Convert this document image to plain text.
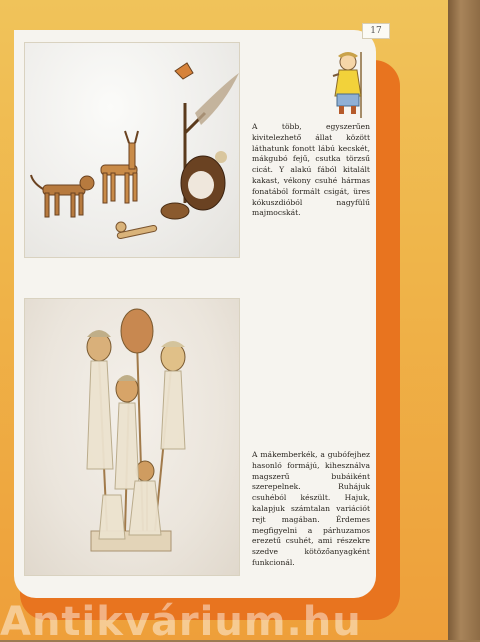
17

A több, egyszerűen kivitelezhető állat között láthatunk fonott lábú kecskét, mákgubó fejű, csutka törzsű cicát. Y alakú fából kitalált kakast, vékony csuhé hármas fonatából formált csigát, üres kókuszdióból nagyfülű majmocskát.

A mákemberkék, a gubófejhez hasonló formájú, kihesználva magszerű bubáiként szerepelnek. Ruhájuk csuhéból készült. Hajuk, kalapjuk számtalan variációt rejt magában. Érdemes megfigyelni a párhuzamos erezetű csuhét, ami részekre szedve kötözőanyagként funkcionál.

Antikvárium.hu
